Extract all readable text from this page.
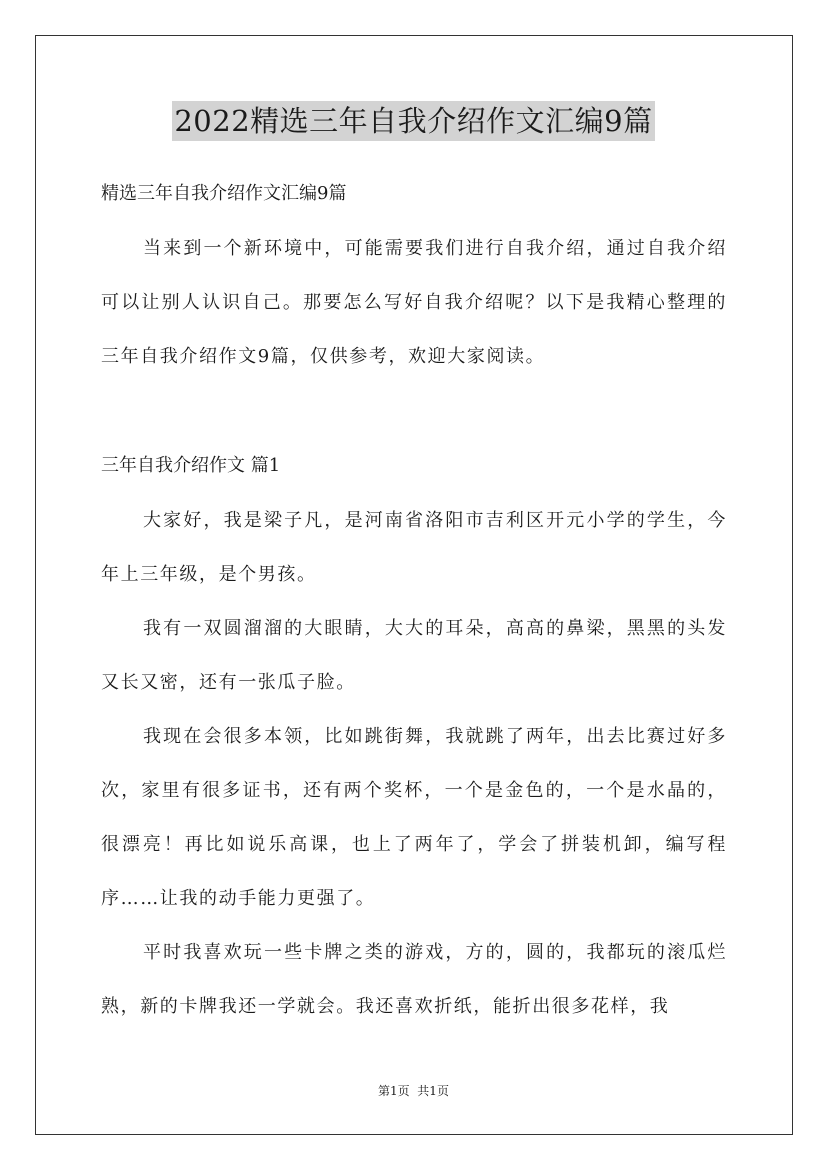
2022精选三年自我介绍作文汇编9篇
精选三年自我介绍作文汇编9篇

当来到一个新环境中，可能需要我们进行自我介绍，通过自我介绍可以让别人认识自己。那要怎么写好自我介绍呢？以下是我精心整理的三年自我介绍作文9篇，仅供参考，欢迎大家阅读。

三年自我介绍作文 篇1

大家好，我是梁子凡，是河南省洛阳市吉利区开元小学的学生，今年上三年级，是个男孩。

我有一双圆溜溜的大眼睛，大大的耳朵，高高的鼻梁，黑黑的头发又长又密，还有一张瓜子脸。

我现在会很多本领，比如跳街舞，我就跳了两年，出去比赛过好多次，家里有很多证书，还有两个奖杯，一个是金色的，一个是水晶的，很漂亮！再比如说乐高课，也上了两年了，学会了拼装机卸，编写程序……让我的动手能力更强了。

平时我喜欢玩一些卡牌之类的游戏，方的，圆的，我都玩的滚瓜烂熟，新的卡牌我还一学就会。我还喜欢折纸，能折出很多花样，我

第1页  共1页
